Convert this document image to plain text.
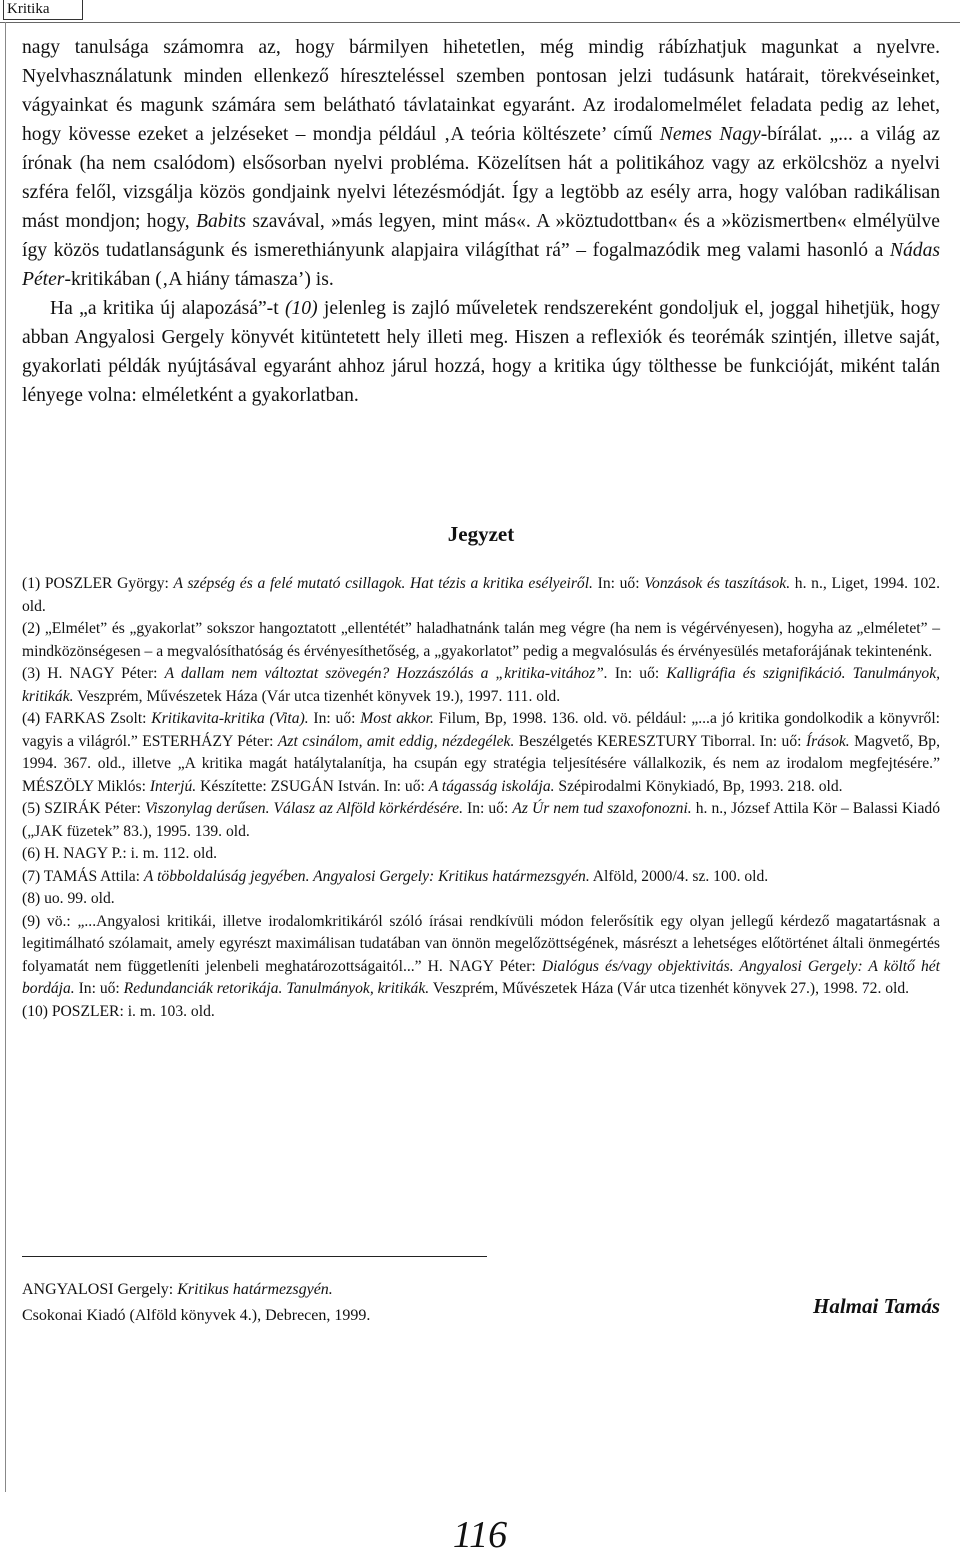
Kritika

nagy tanulsága számomra az, hogy bármilyen hihetetlen, még mindig rábízhatjuk magunkat a nyelvre. Nyelvhasználatunk minden ellenkező híreszteléssel szemben pontosan jelzi tudásunk határait, törekvéseinket, vágyainkat és magunk számára sem belátható távlatainkat egyaránt. Az irodalomelmélet feladata pedig az lehet, hogy kövesse ezeket a jelzéseket – mondja például ‚A teória költészete’ című Nemes Nagy-bírálat. „... a világ az írónak (ha nem csalódom) elsősorban nyelvi probléma. Közelítsen hát a politikához vagy az erkölcshöz a nyelvi szféra felől, vizsgálja közös gondjaink nyelvi létezésmódját. Így a legtöbb az esély arra, hogy valóban radikálisan mást mondjon; hogy, Babits szavával, »más legyen, mint más«. A »köztudottban« és a »közismertben« elmélyülve így közös tudatlanságunk és ismerethiányunk alapjaira világíthat rá” – fogalmazódik meg valami hasonló a Nádas Péter-kritikában (‚A hiány támasza’) is.

Ha „a kritika új alapozásá”-t (10) jelenleg is zajló műveletek rendszereként gondoljuk el, joggal hihetjük, hogy abban Angyalosi Gergely könyvét kitüntetett hely illeti meg. Hiszen a reflexiók és teorémák szintjén, illetve saját, gyakorlati példák nyújtásával egyaránt ahhoz járul hozzá, hogy a kritika úgy tölthesse be funkcióját, miként talán lényege volna: elméletként a gyakorlatban.

Jegyzet

(1) POSZLER György: A szépség és a felé mutató csillagok. Hat tézis a kritika esélyeiről. In: uő: Vonzások és taszítások. h. n., Liget, 1994. 102. old.

(2) „Elmélet” és „gyakorlat” sokszor hangoztatott „ellentétét” haladhatnánk talán meg végre (ha nem is végérvényesen), hogyha az „elméletet” – mindközönségesen – a megvalósíthatóság és érvényesíthetőség, a „gyakorlatot” pedig a megvalósulás és érvényesülés metaforájának tekintenénk.

(3) H. NAGY Péter: A dallam nem változtat szövegén? Hozzászólás a „kritika-vitához”. In: uő: Kalligráfia és szignifikáció. Tanulmányok, kritikák. Veszprém, Művészetek Háza (Vár utca tizenhét könyvek 19.), 1997. 111. old.

(4) FARKAS Zsolt: Kritikavita-kritika (Vita). In: uő: Most akkor. Filum, Bp, 1998. 136. old. vö. például: „...a jó kritika gondolkodik a könyvről: vagyis a világról.” ESTERHÁZY Péter: Azt csinálom, amit eddig, nézdegélek. Beszélgetés KERESZTURY Tiborral. In: uő: Írások. Magvető, Bp, 1994. 367. old., illetve „A kritika magát hatálytalanítja, ha csupán egy stratégia teljesítésére vállalkozik, és nem az irodalom megfejtésére.” MÉSZÖLY Miklós: Interjú. Készítette: ZSUGÁN István. In: uő: A tágasság iskolája. Szépirodalmi Könykiadó, Bp, 1993. 218. old.

(5) SZIRÁK Péter: Viszonylag derűsen. Válasz az Alföld körkérdésére. In: uő: Az Úr nem tud szaxofonozni. h. n., József Attila Kör – Balassi Kiadó („JAK füzetek” 83.), 1995. 139. old.

(6) H. NAGY P.: i. m. 112. old.

(7) TAMÁS Attila: A többoldalúság jegyében. Angyalosi Gergely: Kritikus határmezsgyén. Alföld, 2000/4. sz. 100. old.

(8) uo. 99. old.

(9) vö.: „...Angyalosi kritikái, illetve irodalomkritikáról szóló írásai rendkívüli módon felerősítik egy olyan jellegű kérdező magatartásnak a legitimálható szólamait, amely egyrészt maximálisan tudatában van önnön megelőzöttségének, másrészt a lehetséges előtörténet általi önmegértés folyamatát nem függetleníti jelenbeli meghatározottságaitól...” H. NAGY Péter: Dialógus és/vagy objektivitás. Angyalosi Gergely: A költő hét bordája. In: uő: Redundanciák retorikája. Tanulmányok, kritikák. Veszprém, Művészetek Háza (Vár utca tizenhét könyvek 27.), 1998. 72. old.

(10) POSZLER: i. m. 103. old.

ANGYALOSI Gergely: Kritikus határmezsgyén.

Csokonai Kiadó (Alföld könyvek 4.), Debrecen, 1999.	Halmai Tamás
116
